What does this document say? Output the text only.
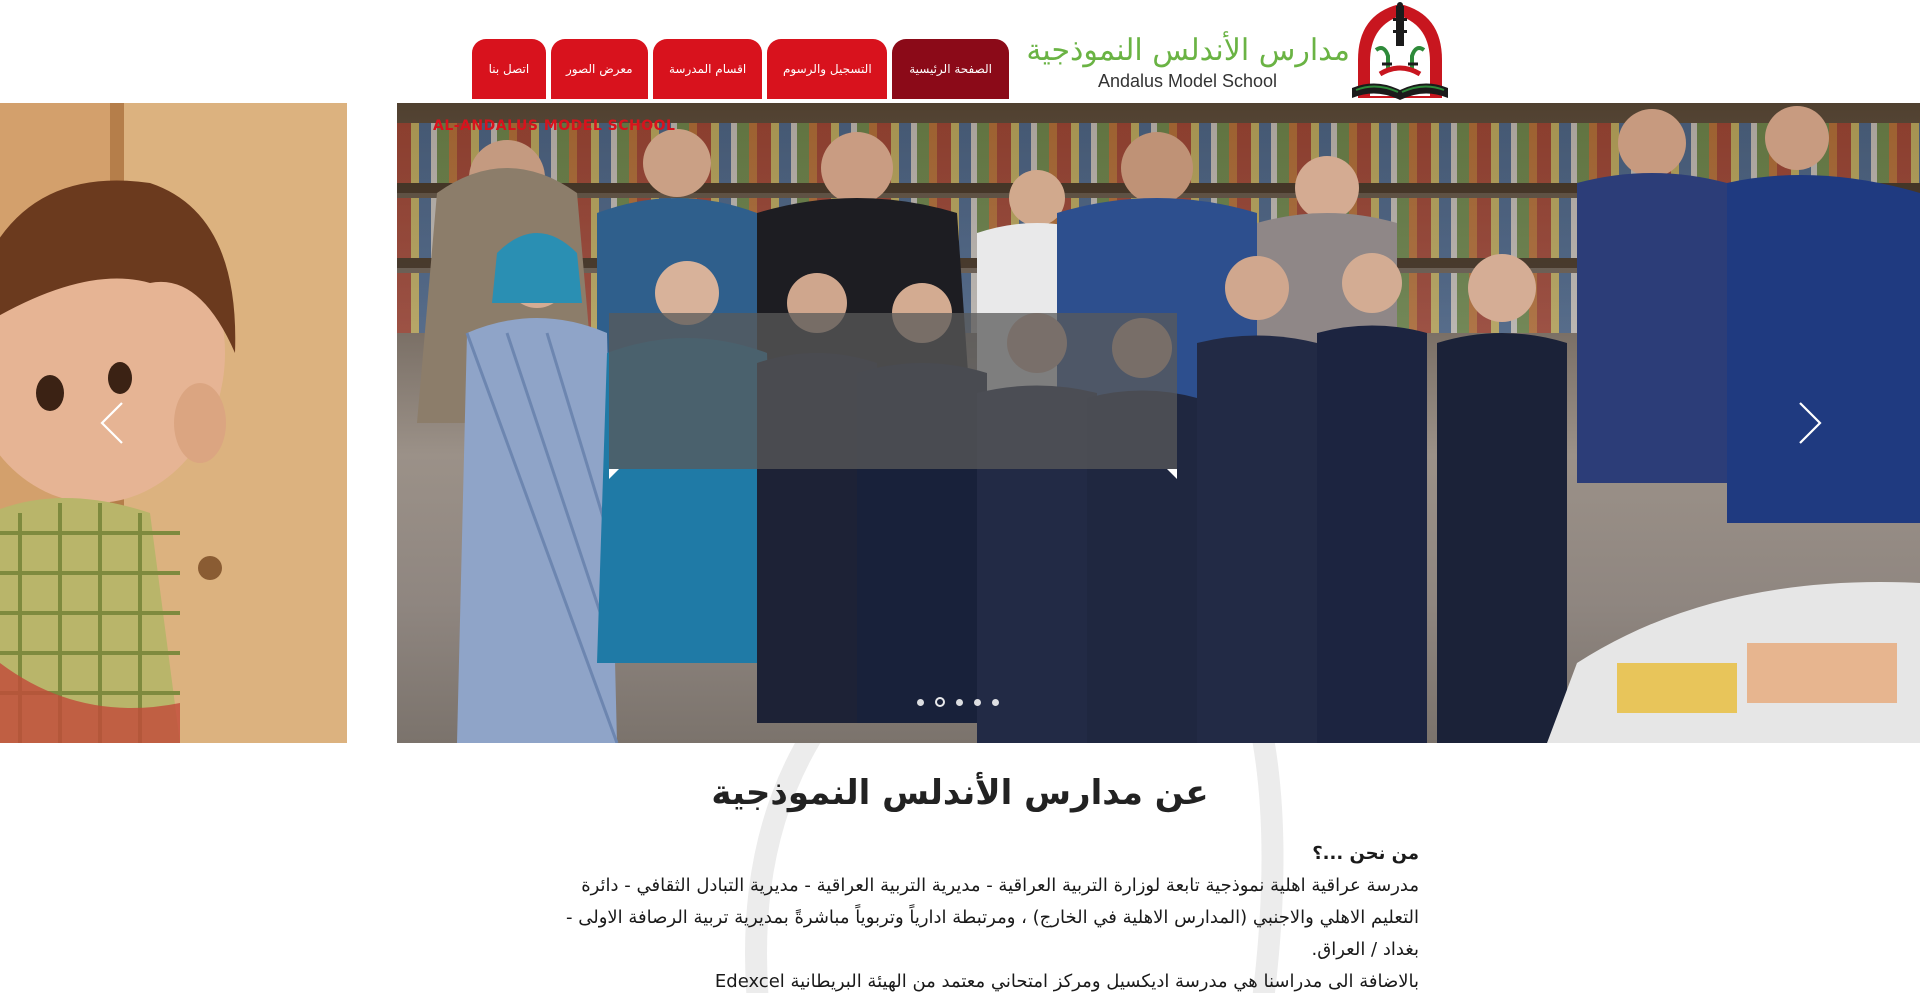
الصفحة الرئيسية
التسجيل والرسوم
اقسام المدرسة
معرض الصور
اتصل بنا
مدارس الأندلس النموذجية
Andalus Model School
AL-ANDALUS MODEL SCHOOL
عن مدارس الأندلس النموذجية
من نحن ...؟
مدرسة عراقية اهلية نموذجية تابعة لوزارة التربية العراقية - مديرية التربية العراقية - مديرية التبادل الثقافي - دائرة
التعليم الاهلي والاجنبي (المدارس الاهلية في الخارج) ، ومرتبطة ادارياً وتربوياً مباشرةً بمديرية تربية الرصافة الاولى -
بغداد / العراق.
بالاضافة الى مدراسنا هي مدرسة اديكسيل ومركز امتحاني معتمد من الهيئة البريطانية Edexcel
